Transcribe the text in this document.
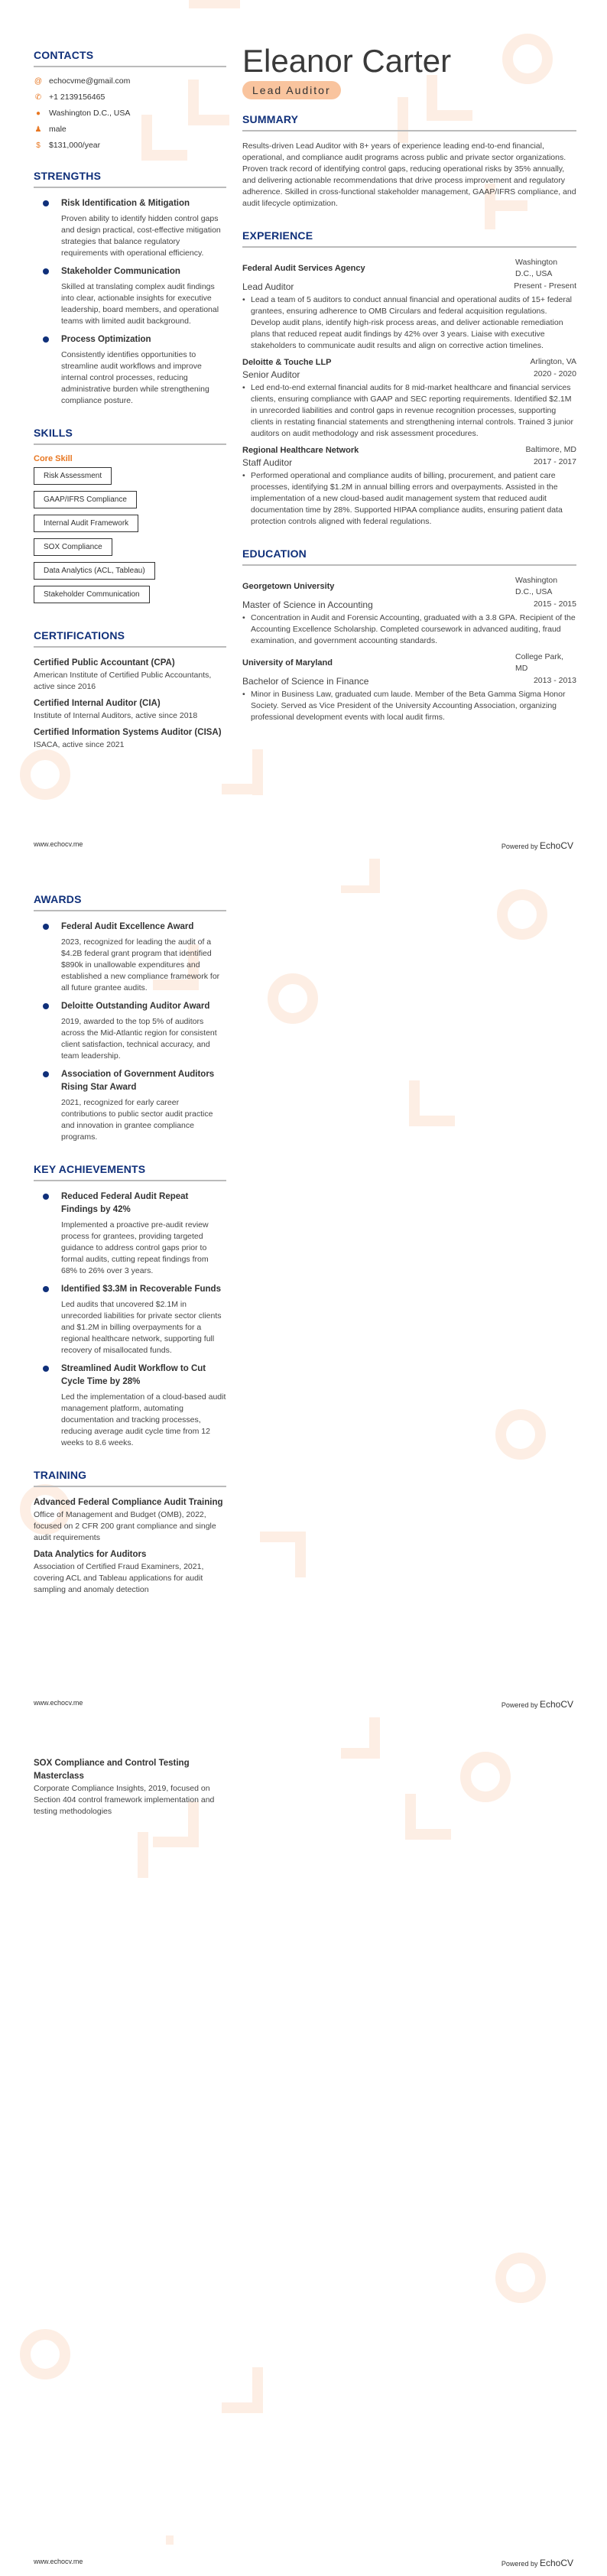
CONTACTS
@ echocvme@gmail.com
✆ +1 2139156465
● Washington D.C., USA
♟ male
$	$131,000/year
STRENGTHS
Risk Identification & Mitigation
Proven ability to identify hidden control gaps and design practical, cost-effective mitigation strategies that balance regulatory requirements with operational efficiency.
Stakeholder Communication
Skilled at translating complex audit findings into clear, actionable insights for executive leadership, board members, and operational teams with limited audit background.
Process Optimization
Consistently identifies opportunities to streamline audit workflows and improve internal control processes, reducing administrative burden while strengthening compliance posture.
SKILLS
Core Skill
Risk Assessment
GAAP/IFRS Compliance
Internal Audit Framework
SOX Compliance
Data Analytics (ACL, Tableau)
Stakeholder Communication
CERTIFICATIONS
Certified Public Accountant (CPA)
American Institute of Certified Public Accountants, active since 2016
Certified Internal Auditor (CIA)
Institute of Internal Auditors, active since 2018
Certified Information Systems Auditor (CISA)
ISACA, active since 2021
Eleanor Carter
Lead Auditor
SUMMARY
Results-driven Lead Auditor with 8+ years of experience leading end-to-end financial, operational, and compliance audit programs across public and private sector organizations. Proven track record of identifying control gaps, reducing operational risks by 35% annually, and delivering actionable recommendations that drive process improvement and regulatory adherence. Skilled in cross-functional stakeholder management, GAAP/IFRS compliance, and audit lifecycle optimization.
EXPERIENCE
Federal Audit Services Agency
Washington D.C., USA
Lead Auditor	Present - Present
• Lead a team of 5 auditors to conduct annual financial and operational audits of 15+ federal grantees, ensuring adherence to OMB Circulars and federal acquisition regulations. Develop audit plans, identify high-risk process areas, and deliver actionable remediation plans that reduced repeat audit findings by 42% over 3 years. Liaise with executive stakeholders to communicate audit results and align on corrective action timelines.
Deloitte & Touche LLP	Arlington, VA
Senior Auditor	2020 - 2020
• Led end-to-end external financial audits for 8 mid-market healthcare and financial services clients, ensuring compliance with GAAP and SEC reporting requirements. Identified $2.1M in unrecorded liabilities and control gaps in revenue recognition processes, supporting clients in restating financial statements and strengthening internal controls. Trained 3 junior auditors on audit methodology and risk assessment procedures.
Regional Healthcare Network	Baltimore, MD
Staff Auditor	2017 - 2017
• Performed operational and compliance audits of billing, procurement, and patient care processes, identifying $1.2M in annual billing errors and overpayments. Assisted in the implementation of a new cloud-based audit management system that reduced audit documentation time by 28%. Supported HIPAA compliance audits, ensuring patient data protection controls aligned with federal regulations.
EDUCATION
Georgetown University
Washington D.C., USA
Master of Science in Accounting	2015 - 2015
• Concentration in Audit and Forensic Accounting, graduated with a 3.8 GPA. Recipient of the Accounting Excellence Scholarship. Completed coursework in advanced auditing, fraud examination, and government accounting standards.
University of Maryland
College Park, MD
Bachelor of Science in Finance	2013 - 2013
• Minor in Business Law, graduated cum laude. Member of the Beta Gamma Sigma Honor Society. Served as Vice President of the University Accounting Association, organizing professional development events with local audit firms.
www.echocv.me	Powered by EchoCV
AWARDS
Federal Audit Excellence Award
2023, recognized for leading the audit of a $4.2B federal grant program that identified $890k in unallowable expenditures and established a new compliance framework for all future grantee audits.
Deloitte Outstanding Auditor Award
2019, awarded to the top 5% of auditors across the Mid-Atlantic region for consistent client satisfaction, technical accuracy, and team leadership.
Association of Government Auditors Rising Star Award
2021, recognized for early career contributions to public sector audit practice and innovation in grantee compliance programs.
KEY ACHIEVEMENTS
Reduced Federal Audit Repeat Findings by 42%
Implemented a proactive pre-audit review process for grantees, providing targeted guidance to address control gaps prior to formal audits, cutting repeat findings from 68% to 26% over 3 years.
Identified $3.3M in Recoverable Funds
Led audits that uncovered $2.1M in unrecorded liabilities for private sector clients and $1.2M in billing overpayments for a regional healthcare network, supporting full recovery of misallocated funds.
Streamlined Audit Workflow to Cut Cycle Time by 28%
Led the implementation of a cloud-based audit management platform, automating documentation and tracking processes, reducing average audit cycle time from 12 weeks to 8.6 weeks.
TRAINING
Advanced Federal Compliance Audit Training
Office of Management and Budget (OMB), 2022, focused on 2 CFR 200 grant compliance and single audit requirements
Data Analytics for Auditors
Association of Certified Fraud Examiners, 2021, covering ACL and Tableau applications for audit sampling and anomaly detection
www.echocv.me	Powered by EchoCV
SOX Compliance and Control Testing Masterclass
Corporate Compliance Insights, 2019, focused on Section 404 control framework implementation and testing methodologies
www.echocv.me	Powered by EchoCV
